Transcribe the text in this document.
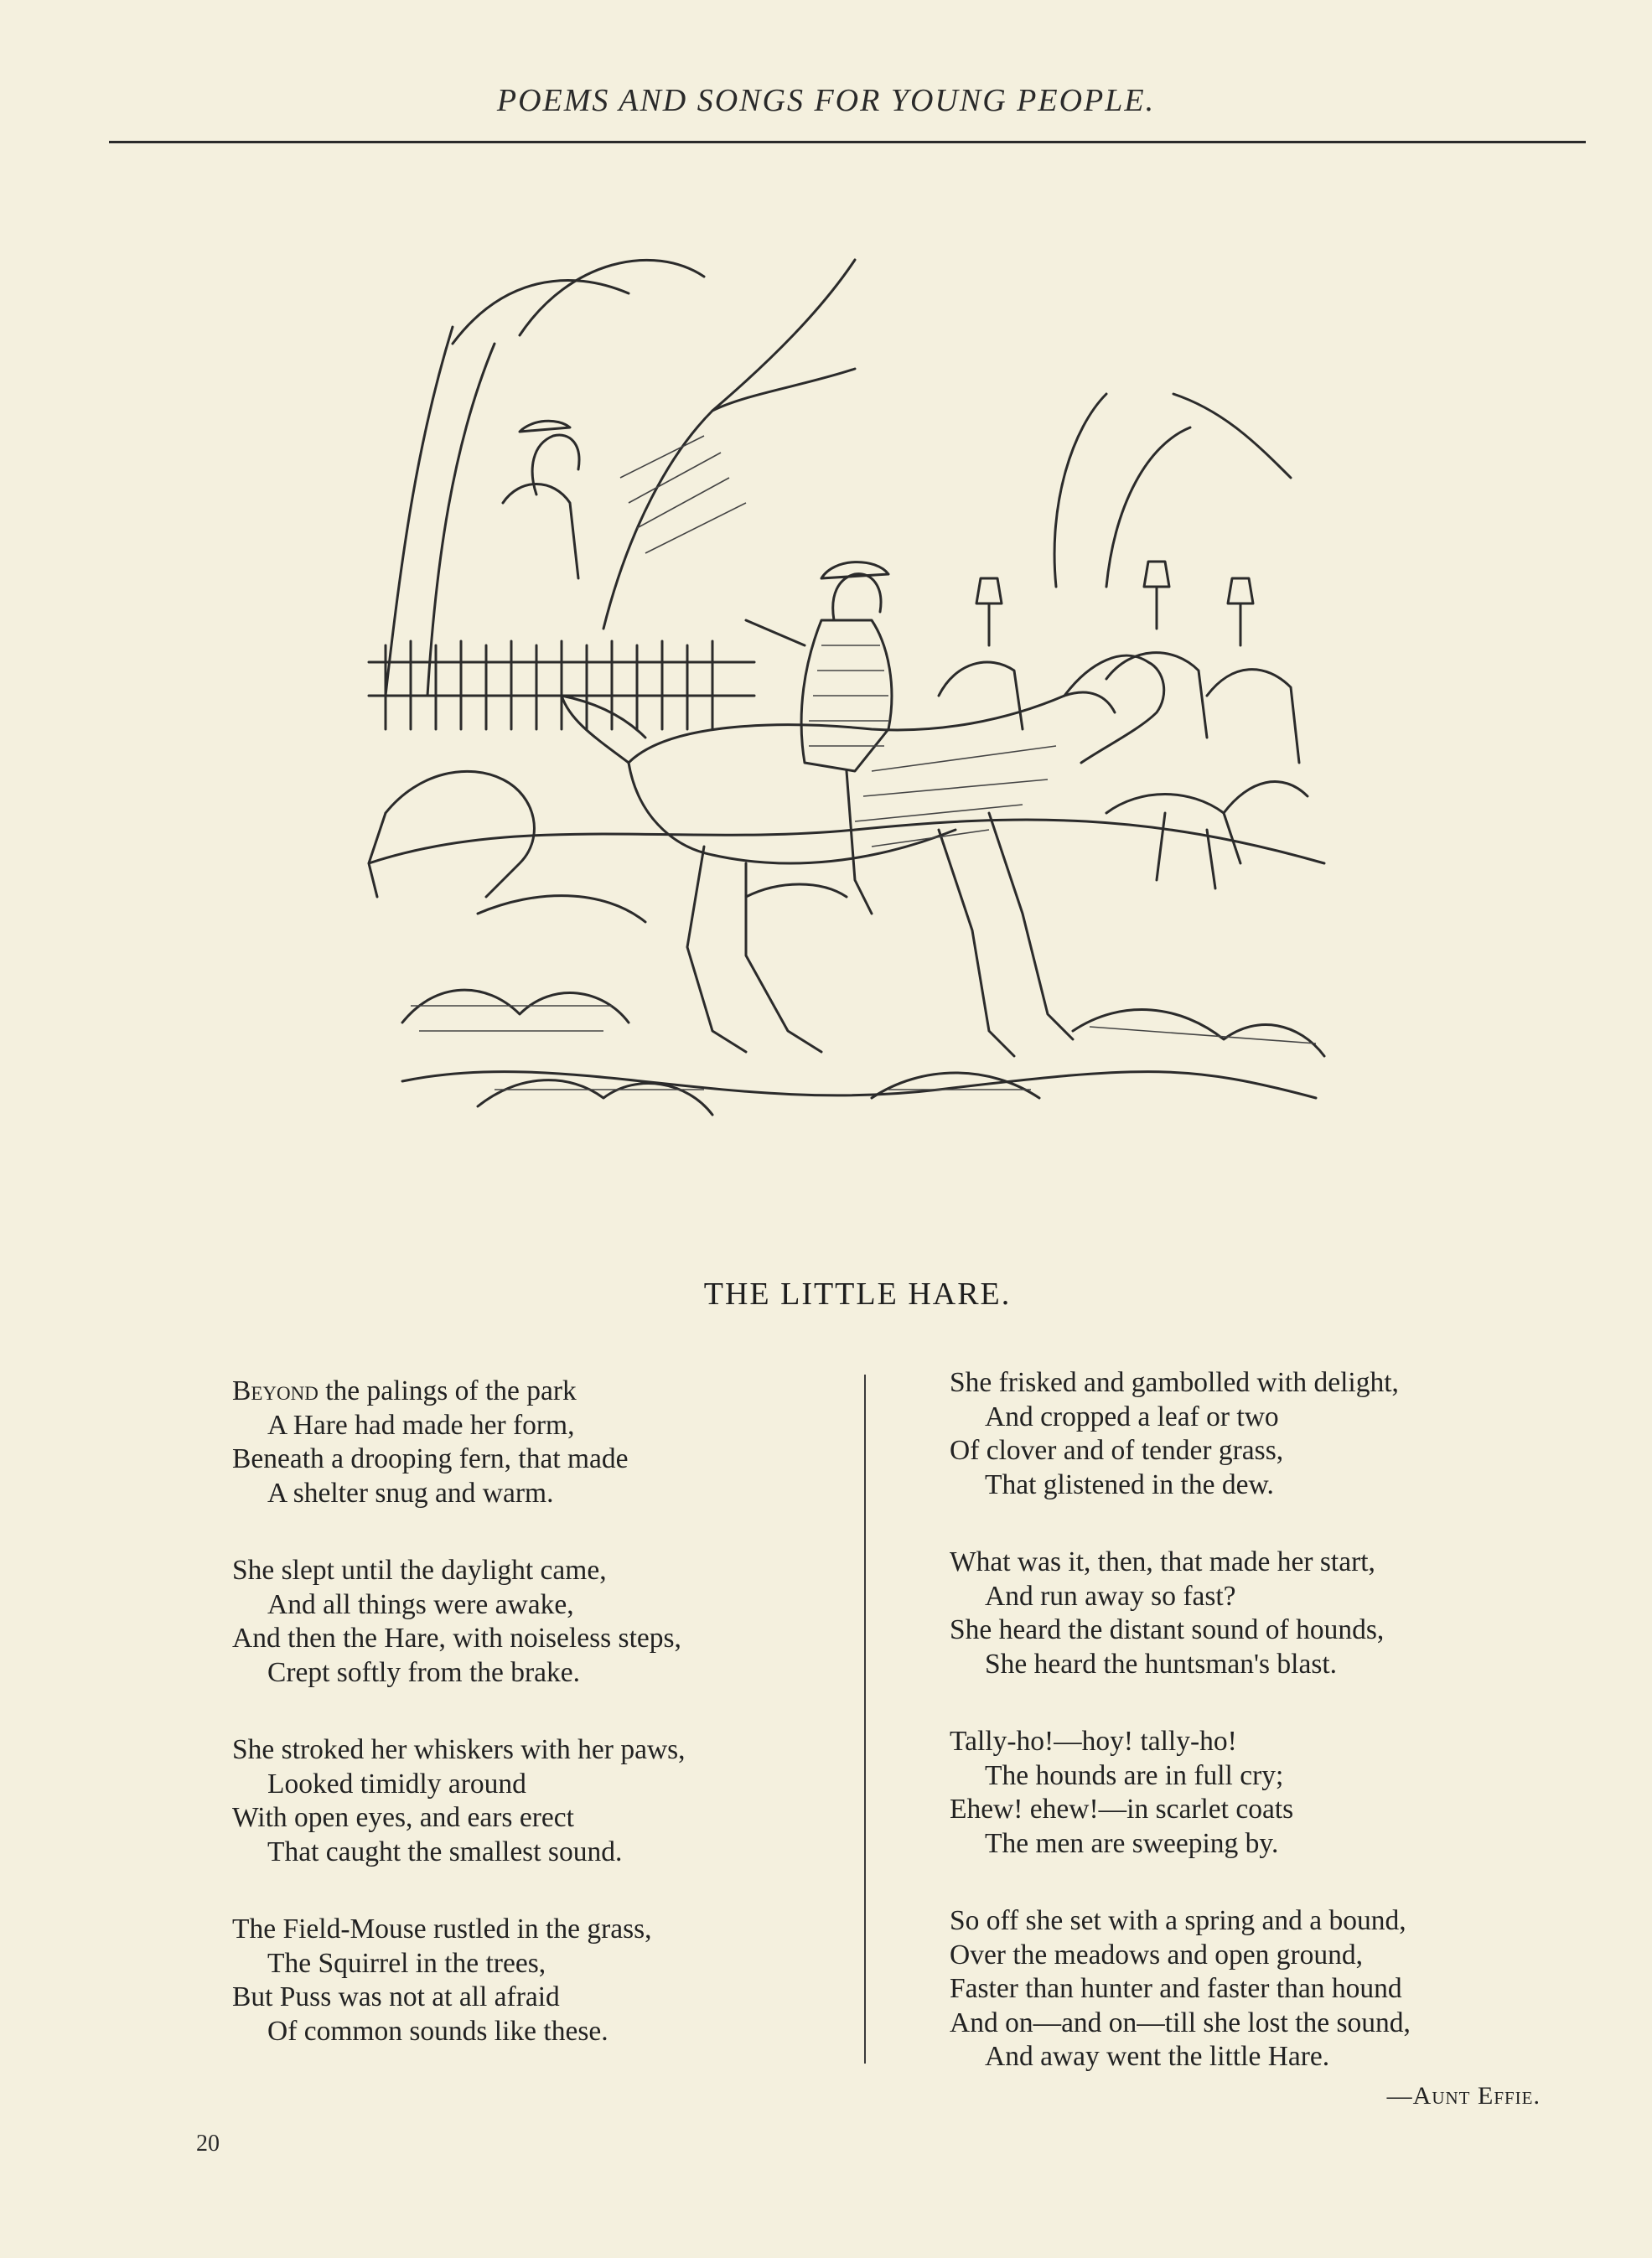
POEMS AND SONGS FOR YOUNG PEOPLE.
THE LITTLE HARE.
Beyond the palings of the park
A Hare had made her form,
Beneath a drooping fern, that made
A shelter snug and warm.
She slept until the daylight came,
And all things were awake,
And then the Hare, with noiseless steps,
Crept softly from the brake.
She stroked her whiskers with her paws,
Looked timidly around
With open eyes, and ears erect
That caught the smallest sound.
The Field-Mouse rustled in the grass,
The Squirrel in the trees,
But Puss was not at all afraid
Of common sounds like these.
She frisked and gambolled with delight,
And cropped a leaf or two
Of clover and of tender grass,
That glistened in the dew.
What was it, then, that made her start,
And run away so fast?
She heard the distant sound of hounds,
She heard the huntsman's blast.
Tally-ho!—hoy! tally-ho!
The hounds are in full cry;
Ehew! ehew!—in scarlet coats
The men are sweeping by.
So off she set with a spring and a bound,
Over the meadows and open ground,
Faster than hunter and faster than hound
And on—and on—till she lost the sound,
And away went the little Hare.
—Aunt Effie.
20
